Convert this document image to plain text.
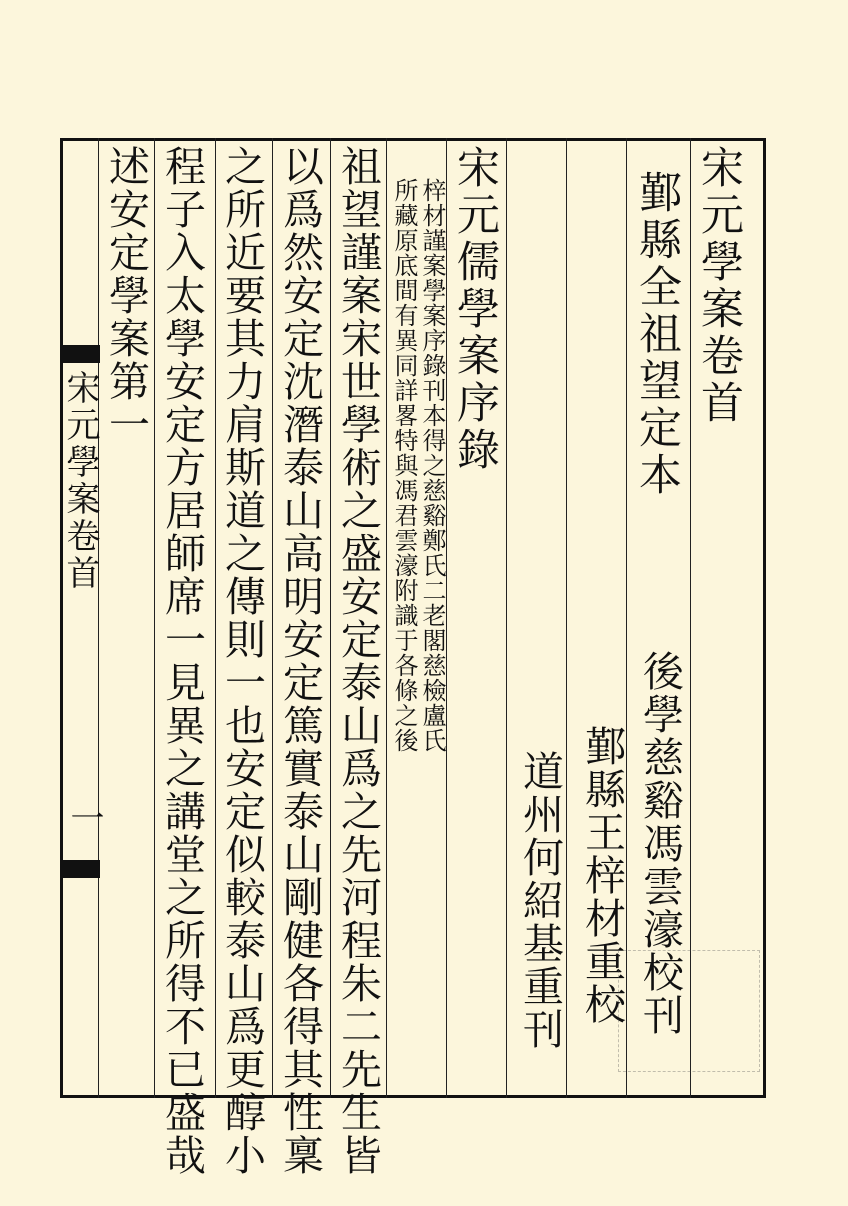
宋元學案卷首
鄞縣全祖望定本
後學慈谿馮雲濠校刊
鄞縣王梓材重校
道州何紹基重刊
宋元儒學案序錄
梓材謹案學案序錄刊本得之慈谿鄭氏二老閣慈檢盧氏
所藏原底間有異同詳畧特與馮君雲濠附識于各條之後
祖望謹案宋世學術之盛安定泰山爲之先河程朱二先生皆
以爲然安定沈潛泰山高明安定篤實泰山剛健各得其性稟
之所近要其力肩斯道之傳則一也安定似較泰山爲更醇小
程子入太學安定方居師席一見異之講堂之所得不已盛哉
述安定學案第一
宋元學案卷首
一
